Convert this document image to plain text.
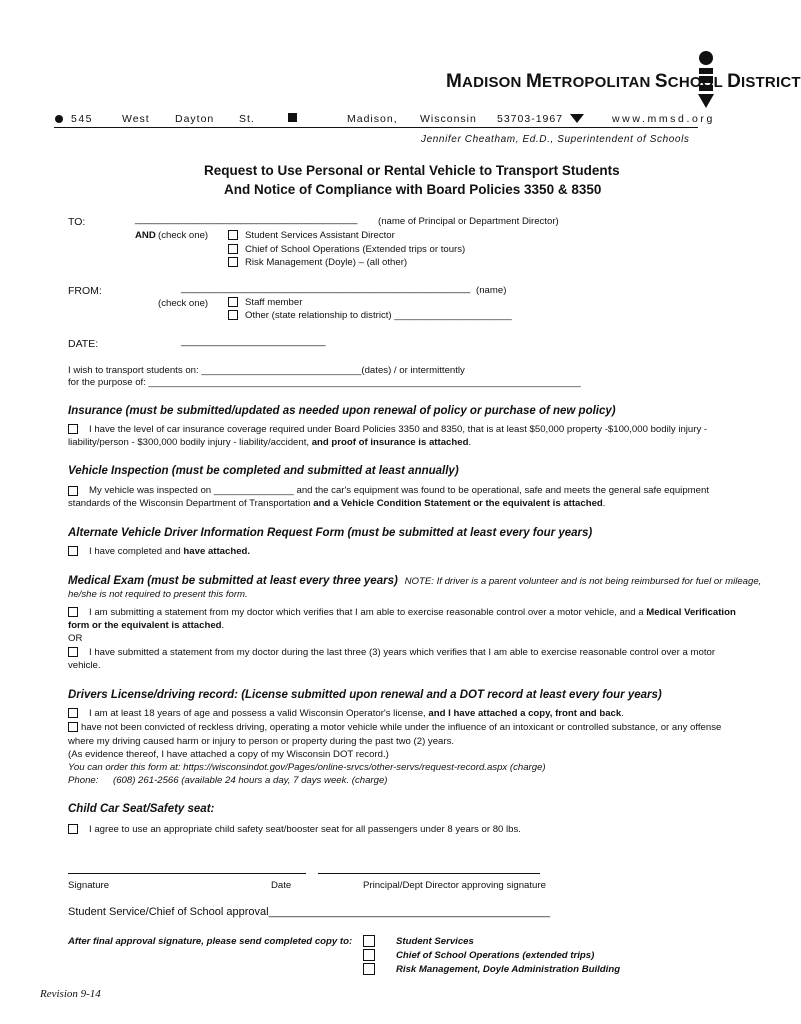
MADISON METROPOLITAN SCHOOL DISTRICT
545	West Dayton St.	Madison, Wisconsin 53703-1967	www.mmsd.org
Jennifer Cheatham, Ed.D., Superintendent of Schools
Request to Use Personal or Rental Vehicle to Transport Students
And Notice of Compliance with Board Policies 3350 & 8350
TO:	________________________________________ (name of Principal or Department Director)
AND (check one)	Student Services Assistant Director
Chief of School Operations (Extended trips or tours)
Risk Management (Doyle) – (all other)
FROM:	____________________________________________________ (name)
(check one)	Staff member
Other (state relationship to district) ______________________
DATE:	__________________________
I wish to transport students on: ______________________________(dates) / or intermittently
for the purpose of: _________________________________________________________________________________
Insurance (must be submitted/updated as needed upon renewal of policy or purchase of new policy)
I have the level of car insurance coverage required under Board Policies 3350 and 8350, that is at least $50,000 property -$100,000 bodily injury -
liability/person - $300,000 bodily injury - liability/accident, and proof of insurance is attached.
Vehicle Inspection (must be completed and submitted at least annually)
My vehicle was inspected on _______________ and the car's equipment was found to be operational, safe and meets the general safe equipment
standards of the Wisconsin Department of Transportation and a Vehicle Condition Statement or the equivalent is attached.
Alternate Vehicle Driver Information Request Form (must be submitted at least every four years)
I have completed and have attached.
Medical Exam (must be submitted at least every three years) NOTE: If driver is a parent volunteer and is not being reimbursed for fuel or mileage,
he/she is not required to present this form.
I am submitting a statement from my doctor which verifies that I am able to exercise reasonable control over a motor vehicle, and a Medical Verification
form or the equivalent is attached.
OR
I have submitted a statement from my doctor during the last three (3) years which verifies that I am able to exercise reasonable control over a motor
vehicle.
Drivers License/driving record: (License submitted upon renewal and a DOT record at least every four years)
I am at least 18 years of age and possess a valid Wisconsin Operator's license, and I have attached a copy, front and back.
have not been convicted of reckless driving, operating a motor vehicle while under the influence of an intoxicant or controlled substance, or any offense
where my driving caused harm or injury to person or property during the past two (2) years.
(As evidence thereof, I have attached a copy of my Wisconsin DOT record.)
You can order this form at: https://wisconsindot.gov/Pages/online-srvcs/other-servs/request-record.aspx (charge)
Phone: (608) 261-2566 (available 24 hours a day, 7 days week. (charge)
Child Car Seat/Safety seat:
I agree to use an appropriate child safety seat/booster seat for all passengers under 8 years or 80 lbs.
Signature	Date	Principal/Dept Director approving signature
Student Service/Chief of School approval______________________________________________
After final approval signature, please send completed copy to:	Student Services
Chief of School Operations (extended trips)
Risk Management, Doyle Administration Building
Revision 9-14
